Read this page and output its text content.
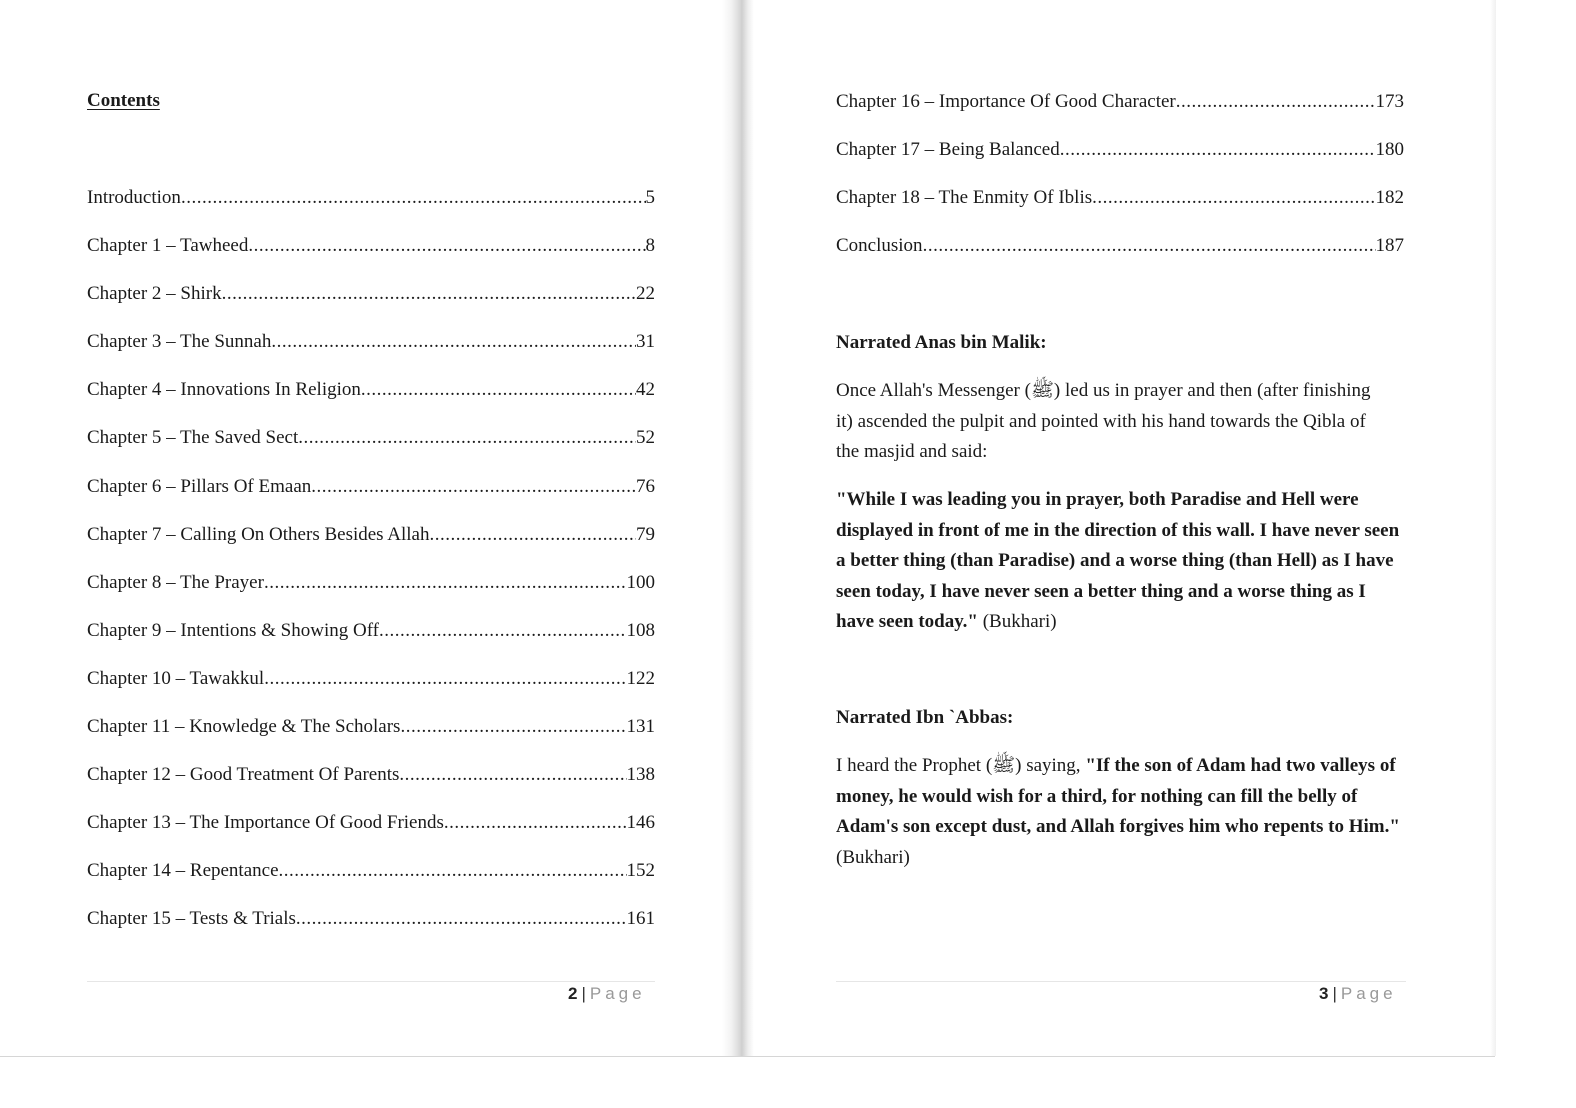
Contents
Introduction .....	5
Chapter 1 – Tawheed .....	8
Chapter 2 – Shirk .....	22
Chapter 3 – The Sunnah .....	31
Chapter 4 – Innovations In Religion .....	42
Chapter 5 – The Saved Sect .....	52
Chapter 6 – Pillars Of Emaan .....	76
Chapter 7 – Calling On Others Besides Allah .....	79
Chapter 8 – The Prayer .....	100
Chapter 9 – Intentions & Showing Off .....	108
Chapter 10 – Tawakkul .....	122
Chapter 11 – Knowledge & The Scholars .....	131
Chapter 12 – Good Treatment Of Parents .....	138
Chapter 13 – The Importance Of Good Friends .....	146
Chapter 14 – Repentance .....	152
Chapter 15 – Tests & Trials .....	161
2 | Page	3 | Page
Chapter 16 – Importance Of Good Character .....	173
Chapter 17 – Being Balanced .....	180
Chapter 18 – The Enmity Of Iblis .....	182
Conclusion .....	187
Narrated Anas bin Malik:
Once Allah's Messenger (ﷺ) led us in prayer and then (after finishing it) ascended the pulpit and pointed with his hand towards the Qibla of the masjid and said:
"While I was leading you in prayer, both Paradise and Hell were displayed in front of me in the direction of this wall. I have never seen a better thing (than Paradise) and a worse thing (than Hell) as I have seen today, I have never seen a better thing and a worse thing as I have seen today." (Bukhari)
Narrated Ibn `Abbas:
I heard the Prophet (ﷺ) saying, "If the son of Adam had two valleys of money, he would wish for a third, for nothing can fill the belly of Adam's son except dust, and Allah forgives him who repents to Him." (Bukhari)
